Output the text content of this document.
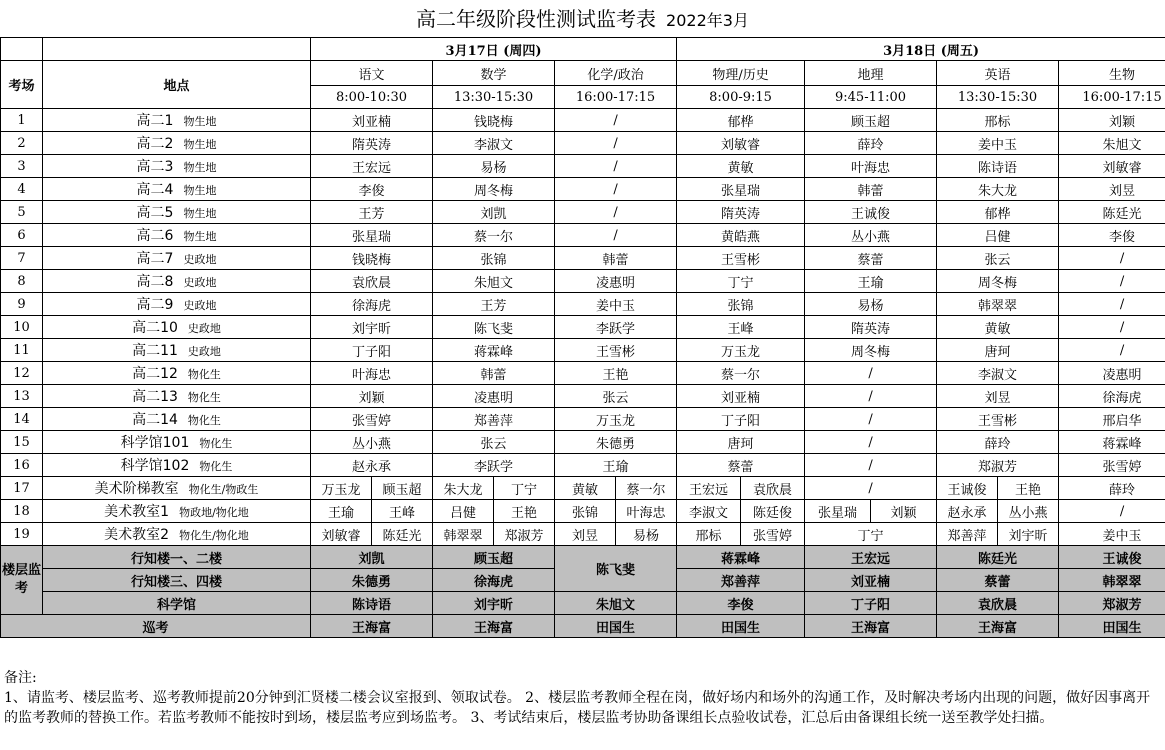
高二年级阶段性测试监考表 2022年3月
		3月17日 (周四)						3月18日 (周五)							
考场	地点	语文		数学		化学/政治		物理/历史		地理		英语		生物	
		8:00-10:30		13:30-15:30		16:00-17:15		8:00-9:15		9:45-11:00		13:30-15:30		16:00-17:15	
1	高二1 物生地	刘亚楠		钱晓梅		/		郁桦		顾玉超		邢标		刘颖	
2	高二2 物生地	隋英涛		李淑文		/		刘敏睿		薛玲		姜中玉		朱旭文	
3	高二3 物生地	王宏远		易杨		/		黄敏		叶海忠		陈诗语		刘敏睿	
4	高二4 物生地	李俊		周冬梅		/		张星瑞		韩蕾		朱大龙		刘昱	
5	高二5 物生地	王芳		刘凯		/		隋英涛		王诚俊		郁桦		陈廷光	
6	高二6 物生地	张星瑞		蔡一尔		/		黄皓燕		丛小燕		吕健		李俊	
7	高二7 史政地	钱晓梅		张锦		韩蕾		王雪彬		蔡蕾		张云		/	
8	高二8 史政地	袁欣晨		朱旭文		凌惠明		丁宁		王瑜		周冬梅		/	
9	高二9 史政地	徐海虎		王芳		姜中玉		张锦		易杨		韩翠翠		/	
10	高二10 史政地	刘宇昕		陈飞斐		李跃学		王峰		隋英涛		黄敏		/	
11	高二11 史政地	丁子阳		蒋霖峰		王雪彬		万玉龙		周冬梅		唐珂		/	
12	高二12 物化生	叶海忠		韩蕾		王艳		蔡一尔		/		李淑文		凌惠明	
13	高二13 物化生	刘颖		凌惠明		张云		刘亚楠		/		刘昱		徐海虎	
14	高二14 物化生	张雪婷		郑善萍		万玉龙		丁子阳		/		王雪彬		邢启华	
15	科学馆101 物化生	丛小燕		张云		朱德勇		唐珂		/		薛玲		蒋霖峰	
16	科学馆102 物化生	赵永承		李跃学		王瑜		蔡蕾		/		郑淑芳		张雪婷	
17	美术阶梯教室 物化生/物政生	万玉龙	顾玉超	朱大龙	丁宁	黄敏	蔡一尔	王宏远	袁欣晨	/		王诚俊	王艳	薛玲	
18	美术教室1 物政地/物化地	王瑜	王峰	吕健	王艳	张锦	叶海忠	李淑文	陈廷俊	张星瑞	刘颖	赵永承	丛小燕	/	
19	美术教室2 物化生/物化地	刘敏睿	陈廷光	韩翠翠	郑淑芳	刘昱	易杨	邢标	张雪婷	丁宁		郑善萍	刘宇昕	姜中玉	
楼层监考	行知楼一、二楼	刘凯		顾玉超		陈飞斐		蒋霖峰		王宏远		陈廷光		王诚俊	
	行知楼三、四楼	朱德勇		徐海虎				郑善萍		刘亚楠		蔡蕾		韩翠翠	
	科学馆	陈诗语		刘宇昕		朱旭文		李俊		丁子阳		袁欣晨		郑淑芳	
巡考		王海富		王海富		田国生		田国生		王海富		王海富		田国生	
备注:
1、请监考、楼层监考、巡考教师提前20分钟到汇贤楼二楼会议室报到、领取试卷。 2、楼层监考教师全程在岗，做好场内和场外的沟通工作，及时解决考场内出现的问题，做好因事离开的监考教师的替换工作。若监考教师不能按时到场，楼层监考应到场监考。 3、考试结束后，楼层监考协助备课组长点验收试卷，汇总后由备课组长统一送至教学处扫描。
